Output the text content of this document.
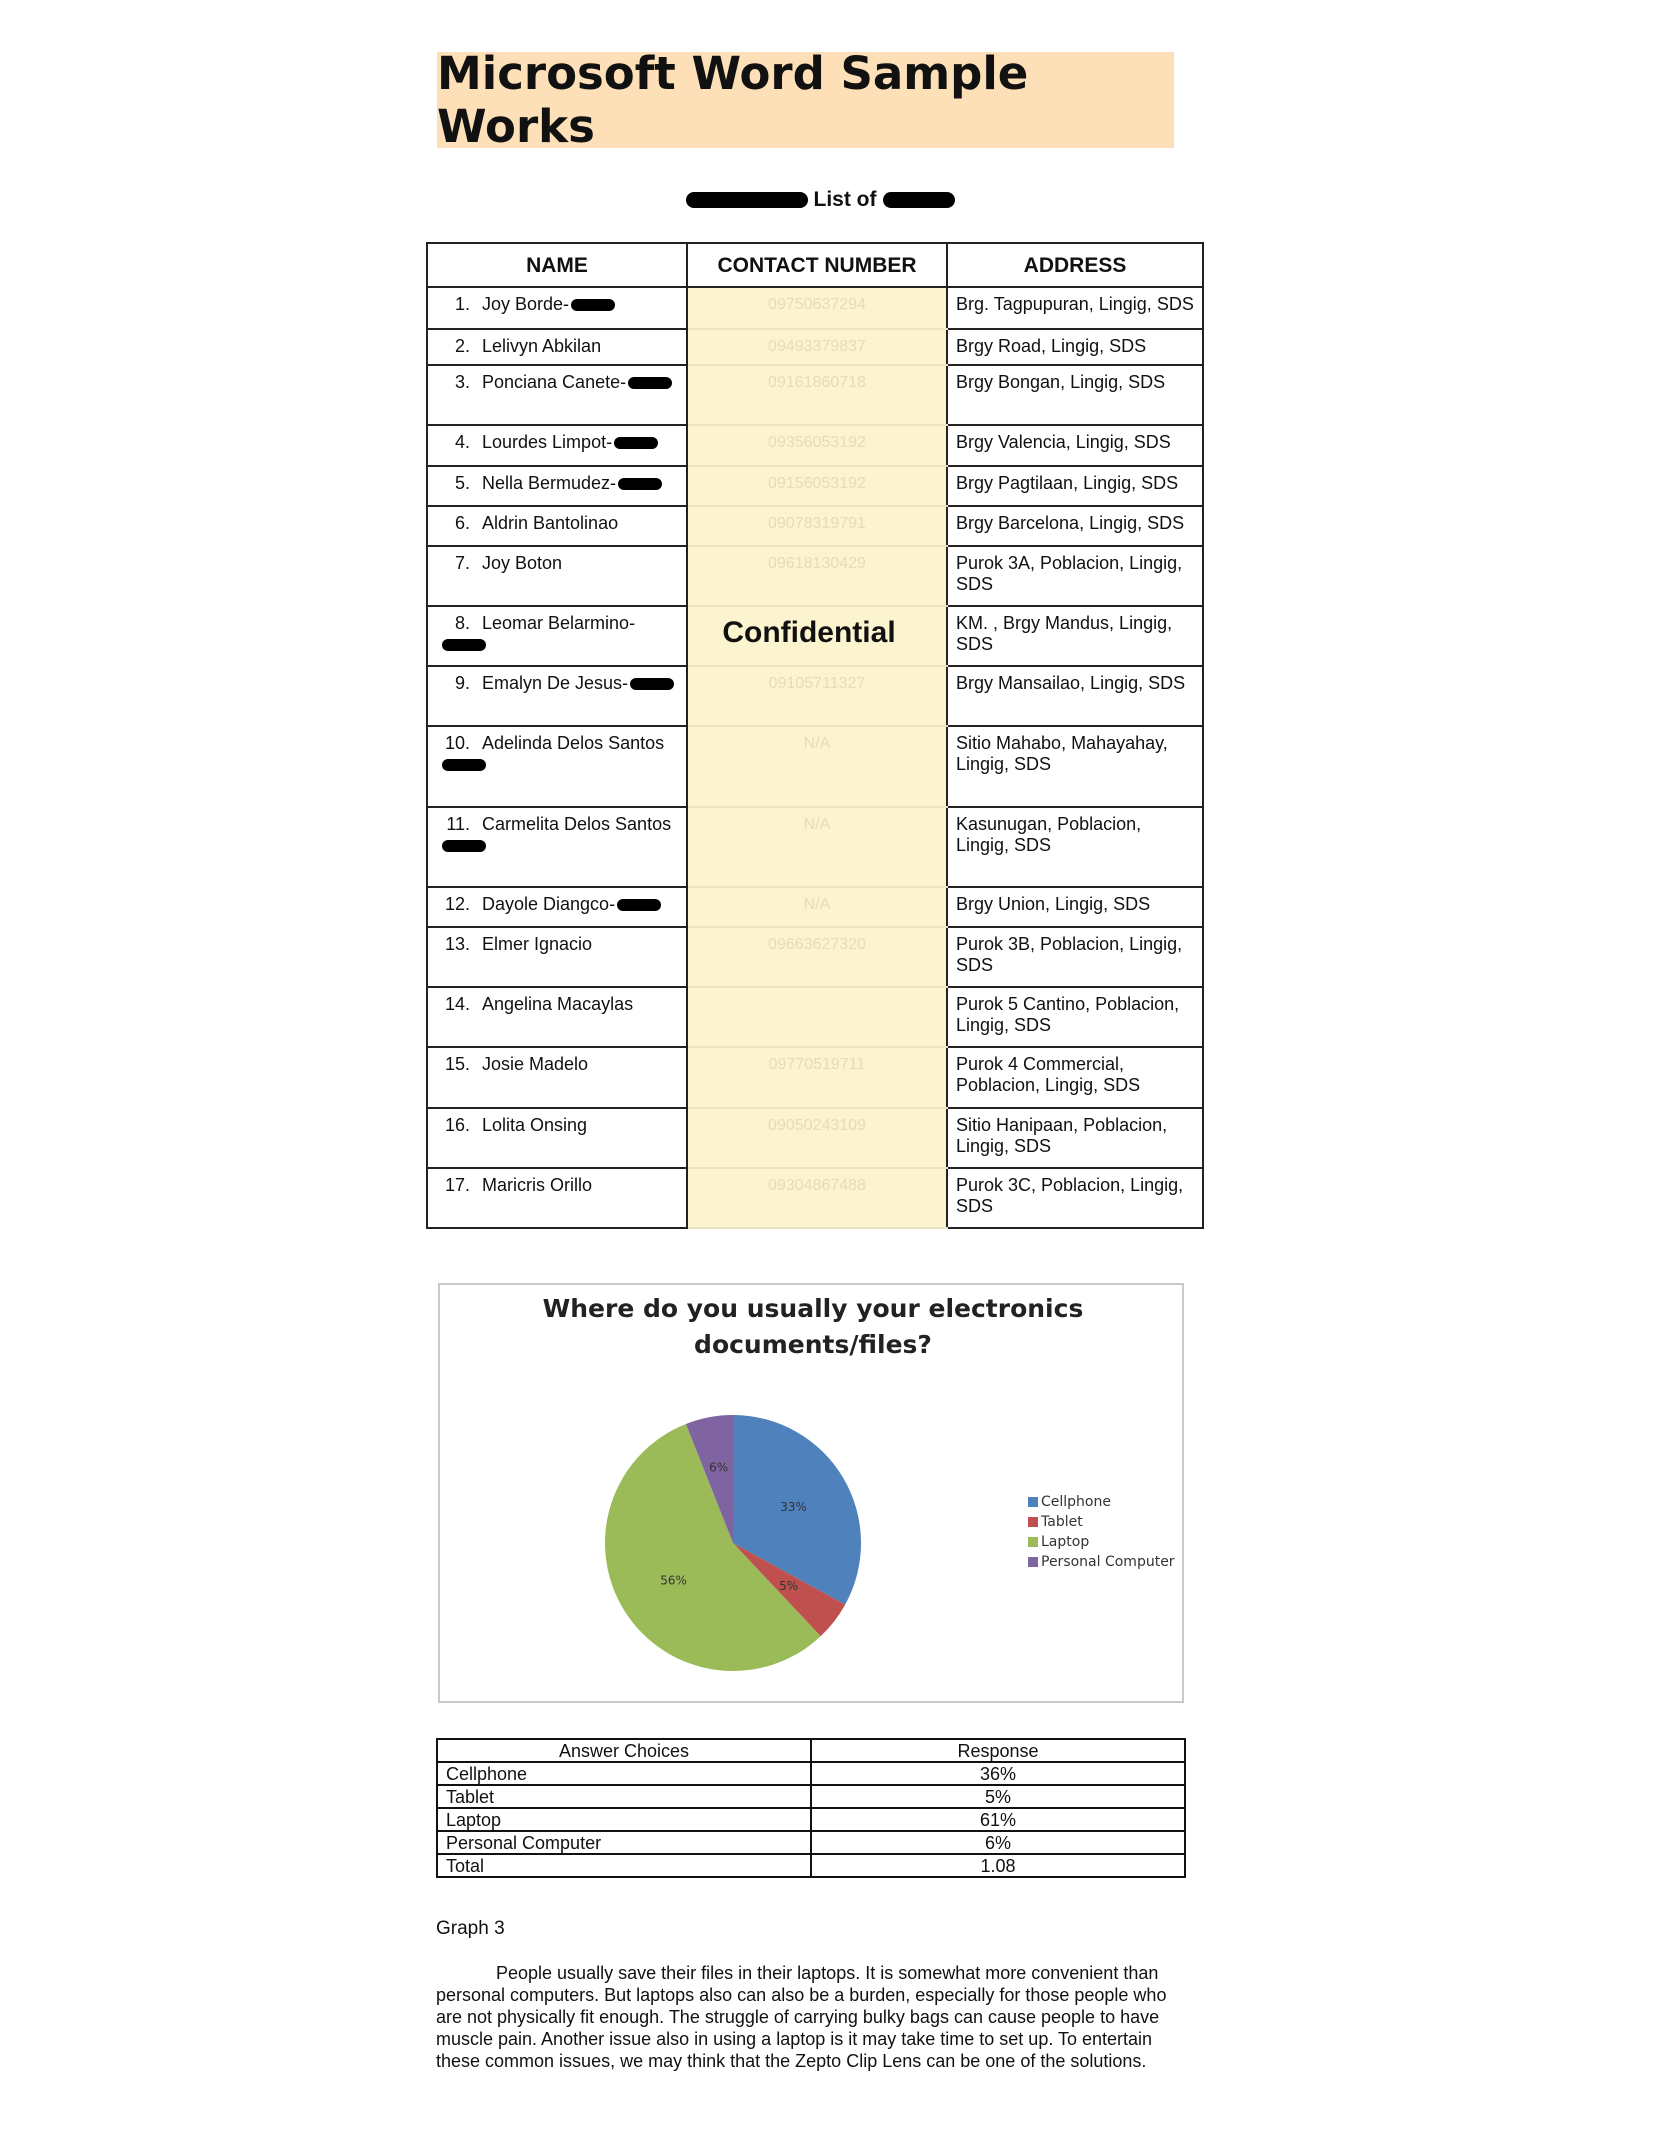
Microsoft Word Sample Works
List of
NAME	CONTACT NUMBER	ADDRESS
1. Joy Borde-	09750637294	Brg. Tagpupuran, Lingig, SDS
2. Lelivyn Abkilan	09493379837	Brgy Road, Lingig, SDS
3. Ponciana Canete-	09161860718	Brgy Bongan, Lingig, SDS
4. Lourdes Limpot-	09356053192	Brgy Valencia, Lingig, SDS
5. Nella Bermudez-	09156053192	Brgy Pagtilaan, Lingig, SDS
6. Aldrin Bantolinao	09078319791	Brgy Barcelona, Lingig, SDS
7. Joy Boton	09618130429	Purok 3A, Poblacion, Lingig, SDS
8. Leomar Belarmino-		KM. , Brgy Mandus, Lingig, SDS
9. Emalyn De Jesus-	09105711327	Brgy Mansailao, Lingig, SDS
10. Adelinda Delos Santos	N/A	Sitio Mahabo, Mahayahay, Lingig, SDS
11. Carmelita Delos Santos	N/A	Kasunugan, Poblacion, Lingig, SDS
12. Dayole Diangco-	N/A	Brgy Union, Lingig, SDS
13. Elmer Ignacio	09663627320	Purok 3B, Poblacion, Lingig, SDS
14. Angelina Macaylas		Purok 5 Cantino, Poblacion, Lingig, SDS
15. Josie Madelo	09770519711	Purok 4 Commercial, Poblacion, Lingig, SDS
16. Lolita Onsing	09050243109	Sitio Hanipaan, Poblacion, Lingig, SDS
17. Maricris Orillo	09304867488	Purok 3C, Poblacion, Lingig, SDS
Confidential
Where do you usually your electronics documents/files?
33%
5%
56%
6%
Cellphone
Tablet
Laptop
Personal Computer
Answer Choices	Response
Cellphone	36%
Tablet	5%
Laptop	61%
Personal Computer	6%
Total	1.08
Graph 3

People usually save their files in their laptops. It is somewhat more convenient than personal computers. But laptops also can also be a burden, especially for those people who are not physically fit enough. The struggle of carrying bulky bags can cause people to have muscle pain. Another issue also in using a laptop is it may take time to set up. To entertain these common issues, we may think that the Zepto Clip Lens can be one of the solutions.
